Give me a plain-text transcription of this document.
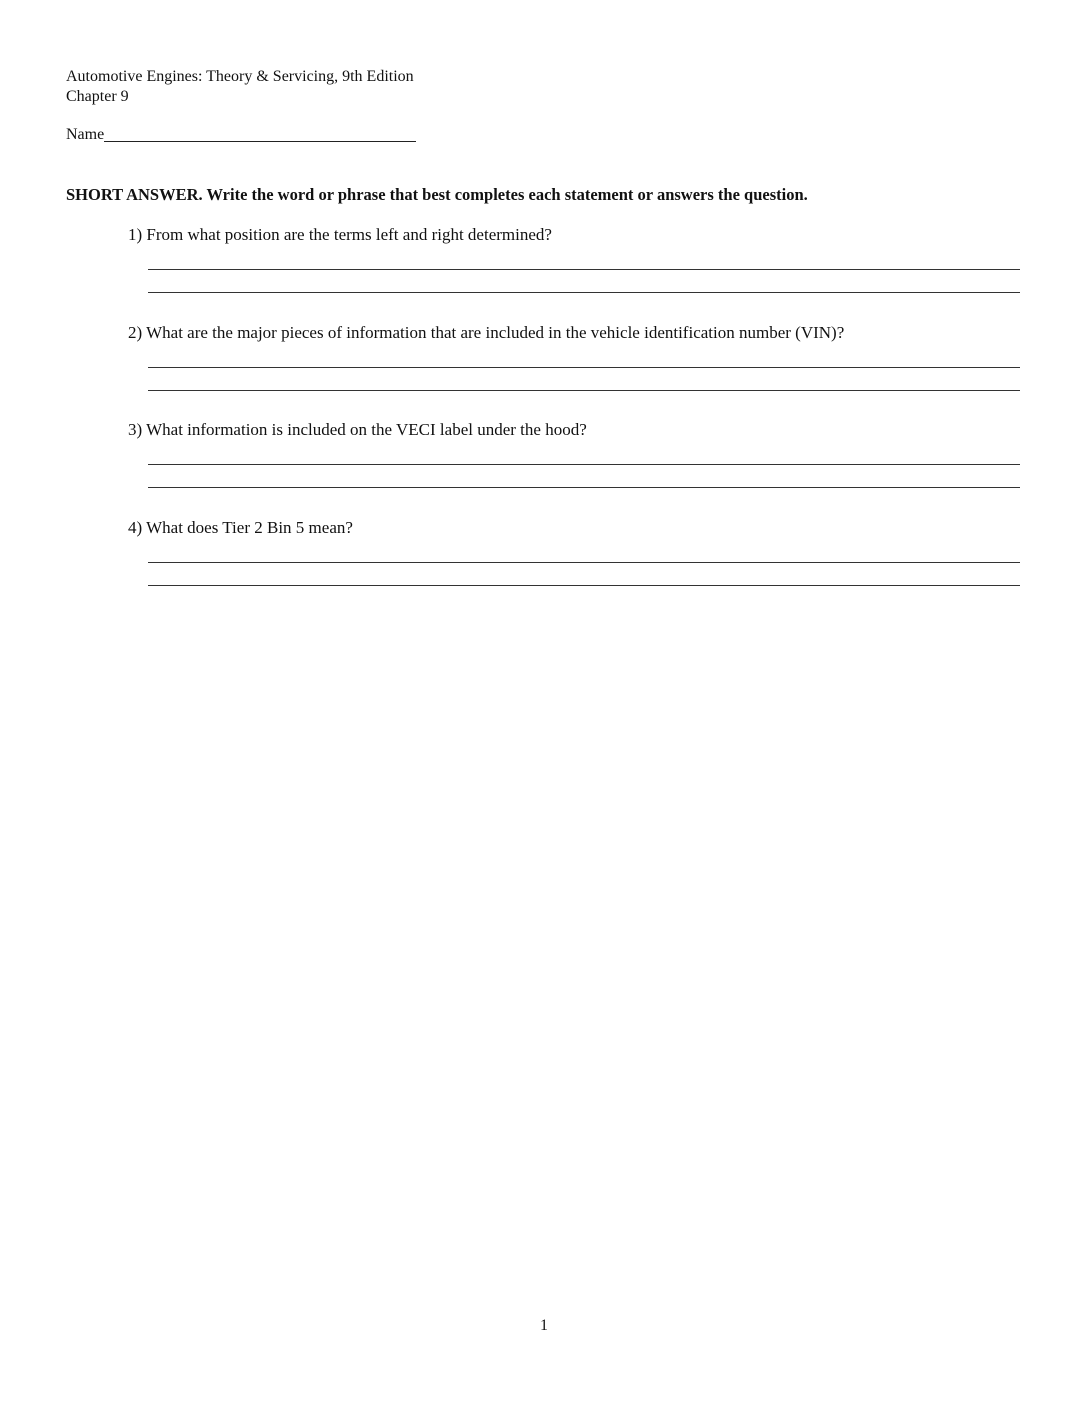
Automotive Engines: Theory & Servicing, 9th Edition
Chapter 9
Name
SHORT ANSWER. Write the word or phrase that best completes each statement or answers the question.
1) From what position are the terms left and right determined?
2) What are the major pieces of information that are included in the vehicle identification number (VIN)?
3) What information is included on the VECI label under the hood?
4) What does Tier 2 Bin 5 mean?
1
